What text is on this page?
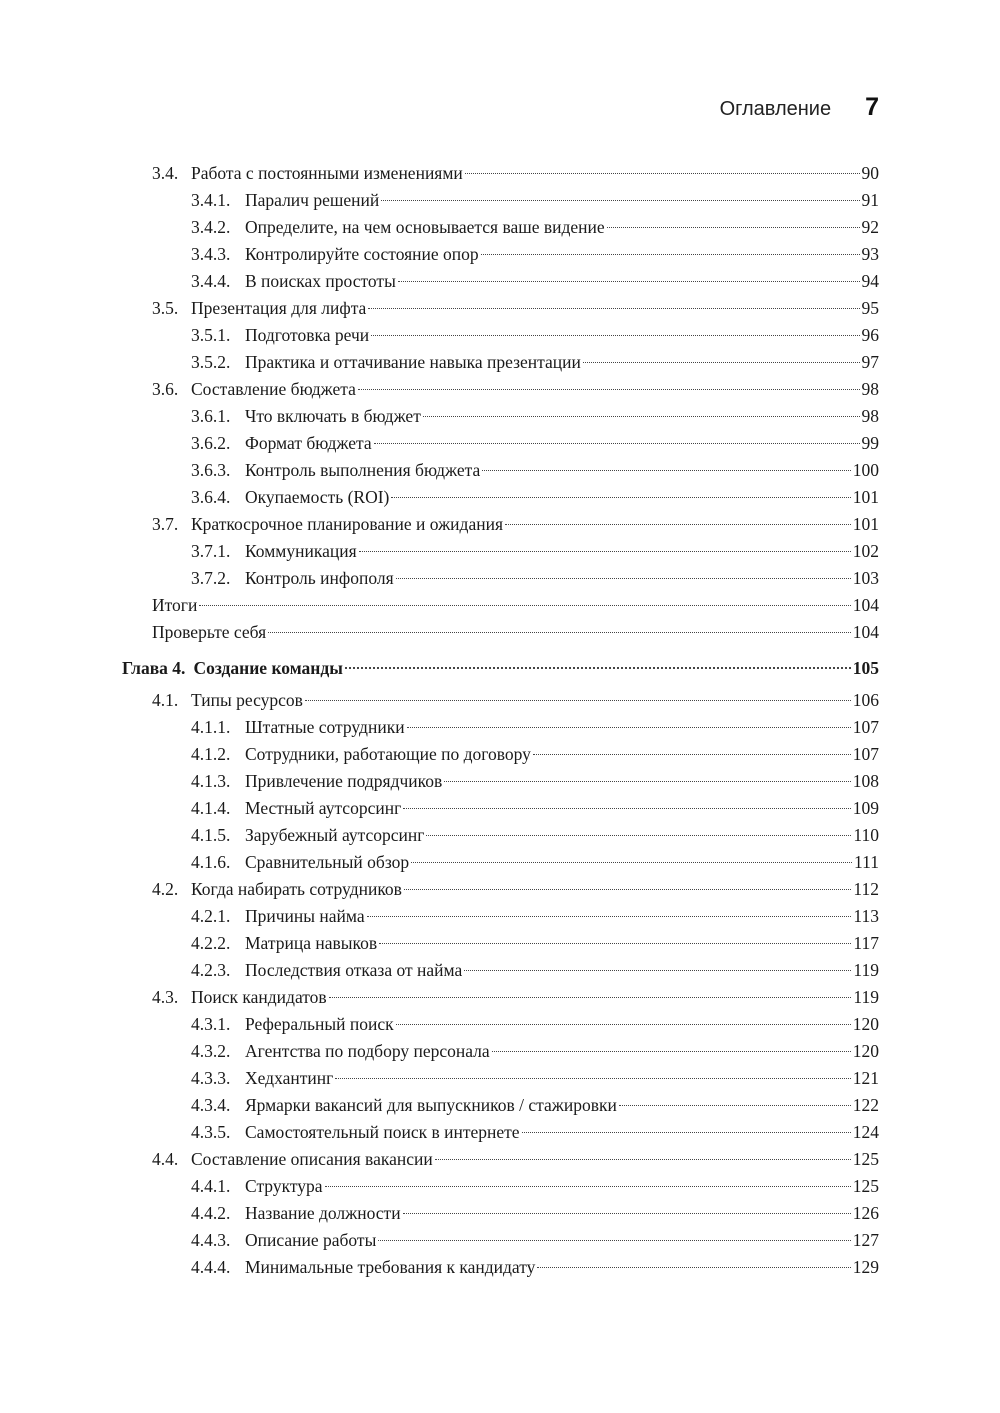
Оглавление 7
3.4. Работа с постоянными изменениями	90
3.4.1. Паралич решений	91
3.4.2. Определите, на чем основывается ваше видение	92
3.4.3. Контролируйте состояние опор	93
3.4.4. В поисках простоты	94
3.5. Презентация для лифта	95
3.5.1. Подготовка речи	96
3.5.2. Практика и оттачивание навыка презентации	97
3.6. Составление бюджета	98
3.6.1. Что включать в бюджет	98
3.6.2. Формат бюджета	99
3.6.3. Контроль выполнения бюджета	100
3.6.4. Окупаемость (ROI)	101
3.7. Краткосрочное планирование и ожидания	101
3.7.1. Коммуникация	102
3.7.2. Контроль инфополя	103
Итоги	104
Проверьте себя	104
Глава 4. Создание команды	105
4.1. Типы ресурсов	106
4.1.1. Штатные сотрудники	107
4.1.2. Сотрудники, работающие по договору	107
4.1.3. Привлечение подрядчиков	108
4.1.4. Местный аутсорсинг	109
4.1.5. Зарубежный аутсорсинг	110
4.1.6. Сравнительный обзор	111
4.2. Когда набирать сотрудников	112
4.2.1. Причины найма	113
4.2.2. Матрица навыков	117
4.2.3. Последствия отказа от найма	119
4.3. Поиск кандидатов	119
4.3.1. Реферальный поиск	120
4.3.2. Агентства по подбору персонала	120
4.3.3. Хедхантинг	121
4.3.4. Ярмарки вакансий для выпускников / стажировки	122
4.3.5. Самостоятельный поиск в интернете	124
4.4. Составление описания вакансии	125
4.4.1. Структура	125
4.4.2. Название должности	126
4.4.3. Описание работы	127
4.4.4. Минимальные требования к кандидату	129
